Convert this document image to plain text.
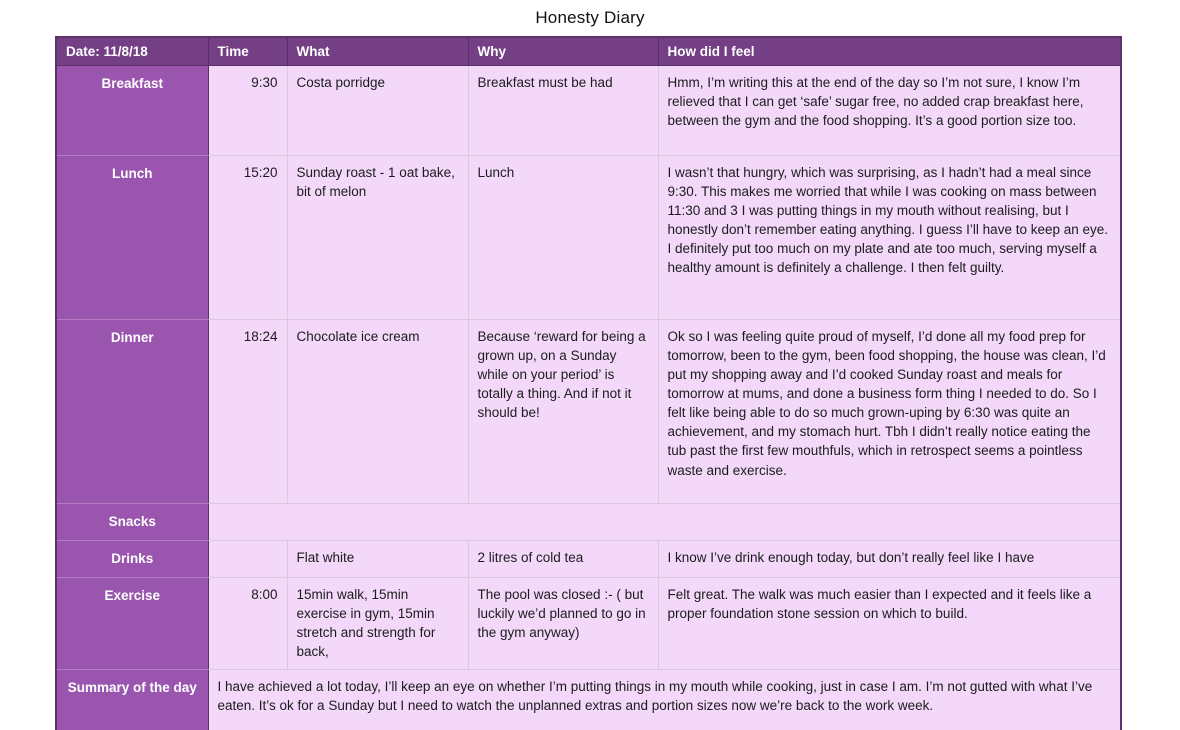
Honesty Diary
Date: 11/8/18	Time	What	Why	How did I feel
Breakfast	9:30	Costa porridge	Breakfast must be had	Hmm, I’m writing this at the end of the day so I’m not sure, I know I’m relieved that I can get ‘safe’ sugar free, no added crap breakfast here, between the gym and the food shopping. It’s a good portion size too.
Lunch	15:20	Sunday roast - 1 oat bake, bit of melon	Lunch	I wasn’t that hungry, which was surprising, as I hadn’t had a meal since 9:30. This makes me worried that while I was cooking on mass between 11:30 and 3 I was putting things in my mouth without realising, but I honestly don’t remember eating anything. I guess I’ll have to keep an eye.        I definitely put too much on my plate and ate too much, serving myself a healthy amount is definitely a challenge. I then felt guilty.
Dinner	18:24	Chocolate ice cream	Because ‘reward for being a grown up, on a Sunday while on your period’ is totally a thing. And if not it should be!	Ok so I was feeling quite proud of myself, I’d done all my food prep for tomorrow, been to the gym, been food shopping, the house was clean, I’d put my shopping away and I’d cooked Sunday roast and meals for tomorrow at mums, and done a business form thing I needed to do. So I felt like being able to do so much grown-uping by 6:30 was quite an achievement, and my stomach hurt. Tbh I didn’t really notice eating the tub past the first few mouthfuls, which in retrospect seems a pointless waste and exercise.
Snacks				
Drinks		Flat white	2 litres of cold tea	I know I’ve drink enough today, but don’t really feel like I have
Exercise	8:00	15min walk, 15min exercise in gym, 15min stretch and strength for back,	The pool was closed :- ( but luckily we’d planned to go in the gym anyway)	Felt great. The walk was much easier than I expected and it feels like a proper foundation stone session on which to build.
Summary of the day	I have achieved a lot today, I’ll keep an eye on whether I’m putting things in my mouth while cooking, just in case I am. I’m not gutted with what I’ve eaten. It’s ok for a Sunday but I need to watch the unplanned extras and portion sizes now we’re back to the work week.			
